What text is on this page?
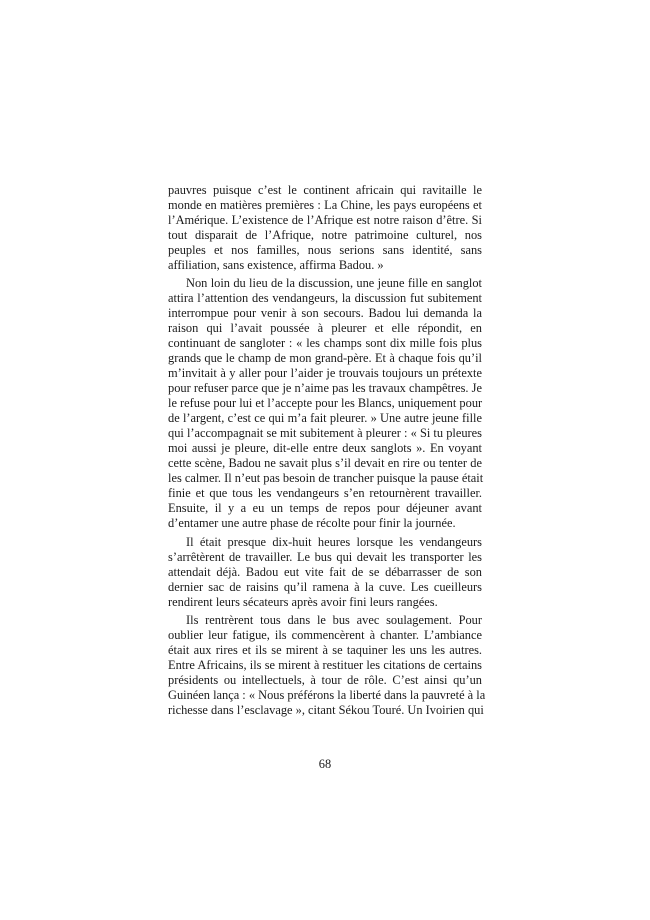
pauvres puisque c’est le continent africain qui ravitaille le
monde en matières premières : La Chine, les pays européens et
l’Amérique. L’existence de l’Afrique est notre raison d’être. Si
tout disparait de l’Afrique, notre patrimoine culturel, nos
peuples et nos familles, nous serions sans identité, sans
affiliation, sans existence, affirma Badou. »
Non loin du lieu de la discussion, une jeune fille en sanglot
attira l’attention des vendangeurs, la discussion fut subitement
interrompue pour venir à son secours. Badou lui demanda la
raison qui l’avait poussée à pleurer et elle répondit, en
continuant de sangloter : « les champs sont dix mille fois plus
grands que le champ de mon grand-père. Et à chaque fois qu’il
m’invitait à y aller pour l’aider je trouvais toujours un prétexte
pour refuser parce que je n’aime pas les travaux champêtres. Je
le refuse pour lui et l’accepte pour les Blancs, uniquement pour
de l’argent, c’est ce qui m’a fait pleurer. » Une autre jeune fille
qui l’accompagnait se mit subitement à pleurer : « Si tu pleures
moi aussi je pleure, dit-elle entre deux sanglots ». En voyant
cette scène, Badou ne savait plus s’il devait en rire ou tenter de
les calmer. Il n’eut pas besoin de trancher puisque la pause était
finie et que tous les vendangeurs s’en retournèrent travailler.
Ensuite, il y a eu un temps de repos pour déjeuner avant
d’entamer une autre phase de récolte pour finir la journée.
Il était presque dix-huit heures lorsque les vendangeurs
s’arrêtèrent de travailler. Le bus qui devait les transporter les
attendait déjà. Badou eut vite fait de se débarrasser de son
dernier sac de raisins qu’il ramena à la cuve. Les cueilleurs
rendirent leurs sécateurs après avoir fini leurs rangées.
Ils rentrèrent tous dans le bus avec soulagement. Pour
oublier leur fatigue, ils commencèrent à chanter. L’ambiance
était aux rires et ils se mirent à se taquiner les uns les autres.
Entre Africains, ils se mirent à restituer les citations de certains
présidents ou intellectuels, à tour de rôle. C’est ainsi qu’un
Guinéen lança : « Nous préférons la liberté dans la pauvreté à la
richesse dans l’esclavage », citant Sékou Touré. Un Ivoirien qui
68
